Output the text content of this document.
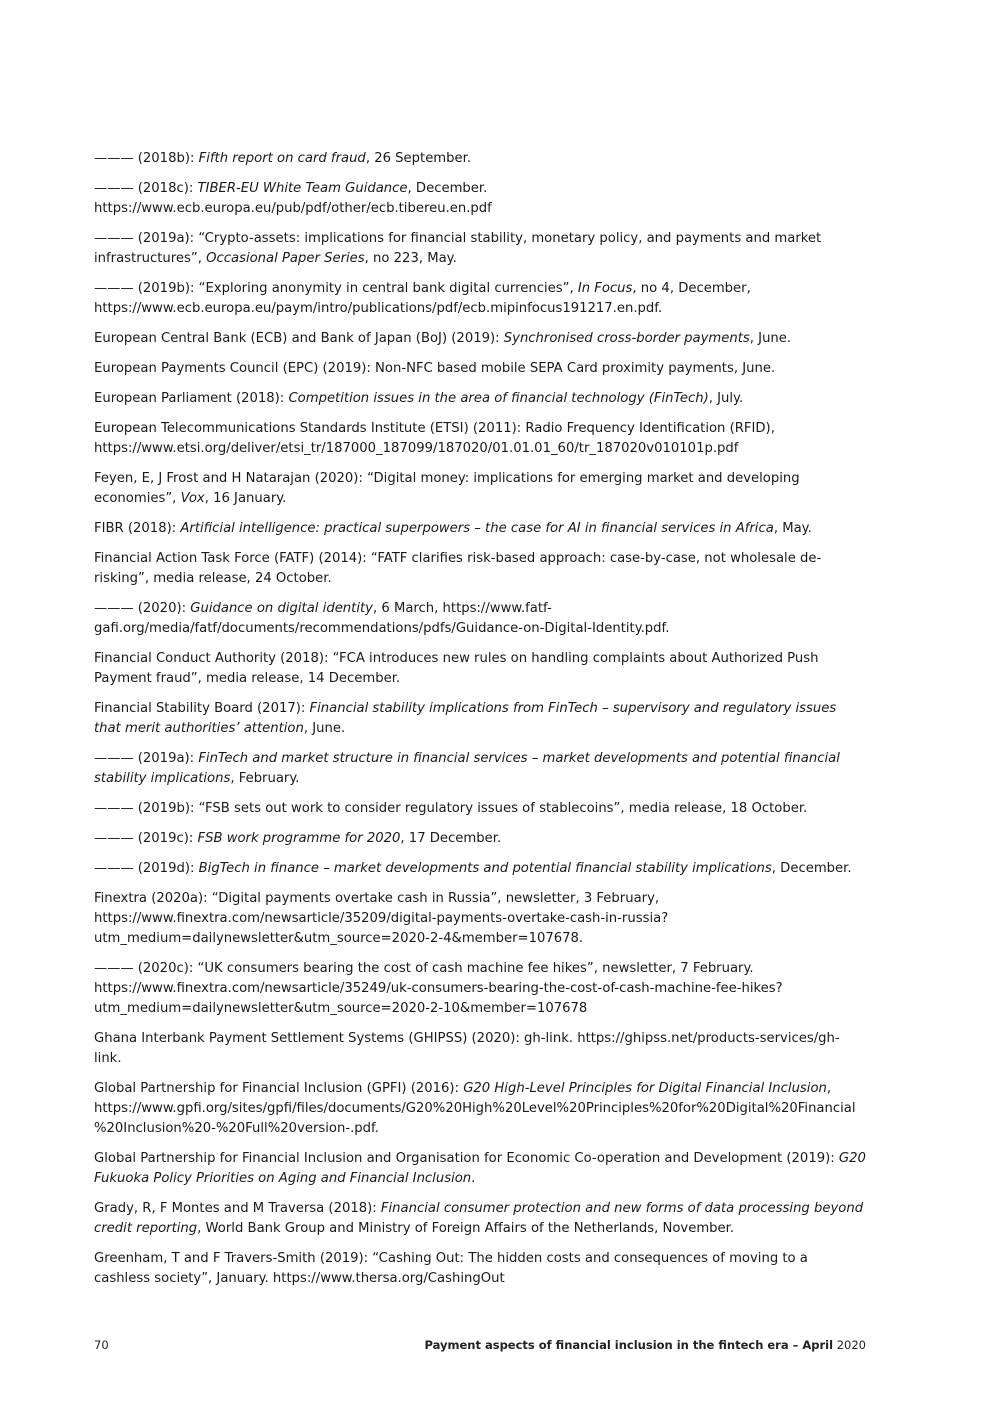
——— (2018b): Fifth report on card fraud, 26 September.

——— (2018c): TIBER-EU White Team Guidance, December. https://www.ecb.europa.eu/pub/pdf/other/ecb.tibereu.en.pdf

——— (2019a): “Crypto-assets: implications for financial stability, monetary policy, and payments and market infrastructures”, Occasional Paper Series, no 223, May.

——— (2019b): “Exploring anonymity in central bank digital currencies”, In Focus, no 4, December, https://www.ecb.europa.eu/paym/intro/publications/pdf/ecb.mipinfocus191217.en.pdf.

European Central Bank (ECB) and Bank of Japan (BoJ) (2019): Synchronised cross-border payments, June.

European Payments Council (EPC) (2019): Non-NFC based mobile SEPA Card proximity payments, June.

European Parliament (2018): Competition issues in the area of financial technology (FinTech), July.

European Telecommunications Standards Institute (ETSI) (2011): Radio Frequency Identification (RFID), https://www.etsi.org/deliver/etsi_tr/187000_187099/187020/01.01.01_60/tr_187020v010101p.pdf

Feyen, E, J Frost and H Natarajan (2020): “Digital money: implications for emerging market and developing economies”, Vox, 16 January.

FIBR (2018): Artificial intelligence: practical superpowers – the case for AI in financial services in Africa, May.

Financial Action Task Force (FATF) (2014): “FATF clarifies risk-based approach: case-by-case, not wholesale de-risking”, media release, 24 October.

——— (2020): Guidance on digital identity, 6 March, https://www.fatf-gafi.org/media/fatf/documents/recommendations/pdfs/Guidance-on-Digital-Identity.pdf.

Financial Conduct Authority (2018): “FCA introduces new rules on handling complaints about Authorized Push Payment fraud”, media release, 14 December.

Financial Stability Board (2017): Financial stability implications from FinTech – supervisory and regulatory issues that merit authorities’ attention, June.

——— (2019a): FinTech and market structure in financial services – market developments and potential financial stability implications, February.

——— (2019b): “FSB sets out work to consider regulatory issues of stablecoins”, media release, 18 October.

——— (2019c): FSB work programme for 2020, 17 December.

——— (2019d): BigTech in finance – market developments and potential financial stability implications, December.

Finextra (2020a): “Digital payments overtake cash in Russia”, newsletter, 3 February, https://www.finextra.com/newsarticle/35209/digital-payments-overtake-cash-in-russia?utm_medium=dailynewsletter&utm_source=2020-2-4&member=107678.

——— (2020c): “UK consumers bearing the cost of cash machine fee hikes”, newsletter, 7 February. https://www.finextra.com/newsarticle/35249/uk-consumers-bearing-the-cost-of-cash-machine-fee-hikes?utm_medium=dailynewsletter&utm_source=2020-2-10&member=107678

Ghana Interbank Payment Settlement Systems (GHIPSS) (2020): gh-link. https://ghipss.net/products-services/gh-link.

Global Partnership for Financial Inclusion (GPFI) (2016): G20 High-Level Principles for Digital Financial Inclusion, https://www.gpfi.org/sites/gpfi/files/documents/G20%20High%20Level%20Principles%20for%20Digital%20Financial%20Inclusion%20-%20Full%20version-.pdf.

Global Partnership for Financial Inclusion and Organisation for Economic Co-operation and Development (2019): G20 Fukuoka Policy Priorities on Aging and Financial Inclusion.

Grady, R, F Montes and M Traversa (2018): Financial consumer protection and new forms of data processing beyond credit reporting, World Bank Group and Ministry of Foreign Affairs of the Netherlands, November.

Greenham, T and F Travers-Smith (2019): “Cashing Out: The hidden costs and consequences of moving to a cashless society”, January. https://www.thersa.org/CashingOut

70	Payment aspects of financial inclusion in the fintech era – April 2020
